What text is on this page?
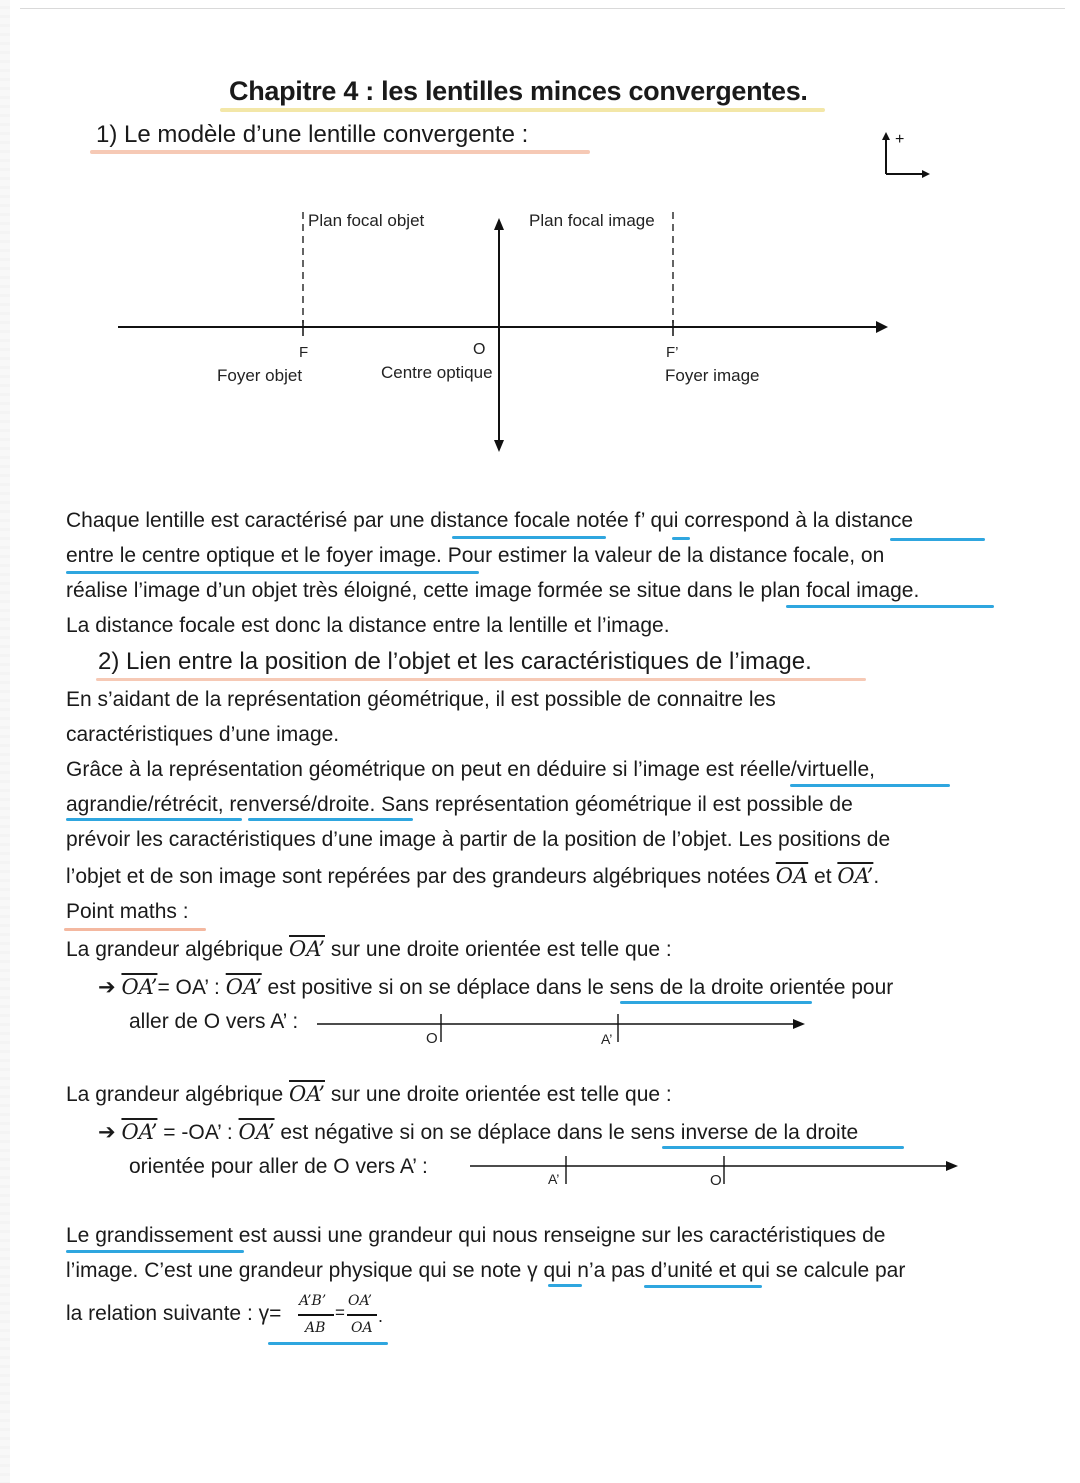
Chapitre 4 : les lentilles minces convergentes.
1) Le modèle d’une lentille convergente :	+
Plan focal objet	Plan focal image
F	O	F’
Foyer objet	Centre optique	Foyer image
Chaque lentille est caractérisé par une distance focale notée f’ qui correspond à la distance
entre le centre optique et le foyer image. Pour estimer la valeur de la distance focale, on
réalise l’image d’un objet très éloigné, cette image formée se situe dans le plan focal image.
La distance focale est donc la distance entre la lentille et l’image.
2) Lien entre la position de l’objet et les caractéristiques de l’image.
En s’aidant de la représentation géométrique, il est possible de connaitre les
caractéristiques d’une image.
Grâce à la représentation géométrique on peut en déduire si l’image est réelle/virtuelle,
agrandie/rétrécit, renversé/droite. Sans représentation géométrique il est possible de
prévoir les caractéristiques d’une image à partir de la position de l’objet. Les positions de
l’objet et de son image sont repérées par des grandeurs algébriques notées $\overline{OA}$ et OA’.
Point maths :
La grandeur algébrique OA’ sur une droite orientée est telle que :
➔ OA’= OA’ : OA’ est positive si on se déplace dans le sens de la droite orientée pour
aller de O vers A’ :
O	A’
La grandeur algébrique OA’ sur une droite orientée est telle que :
➔ OA’ = -OA’ : OA’ est négative si on se déplace dans le sens inverse de la droite
orientée pour aller de O vers A’ :
A’	O
Le grandissement est aussi une grandeur qui nous renseigne sur les caractéristiques de
l’image. C’est une grandeur physique qui se note γ qui n’a pas d’unité et qui se calcule par
la relation suivante : γ=
A’B’
AB
=
OA’
OA
.
